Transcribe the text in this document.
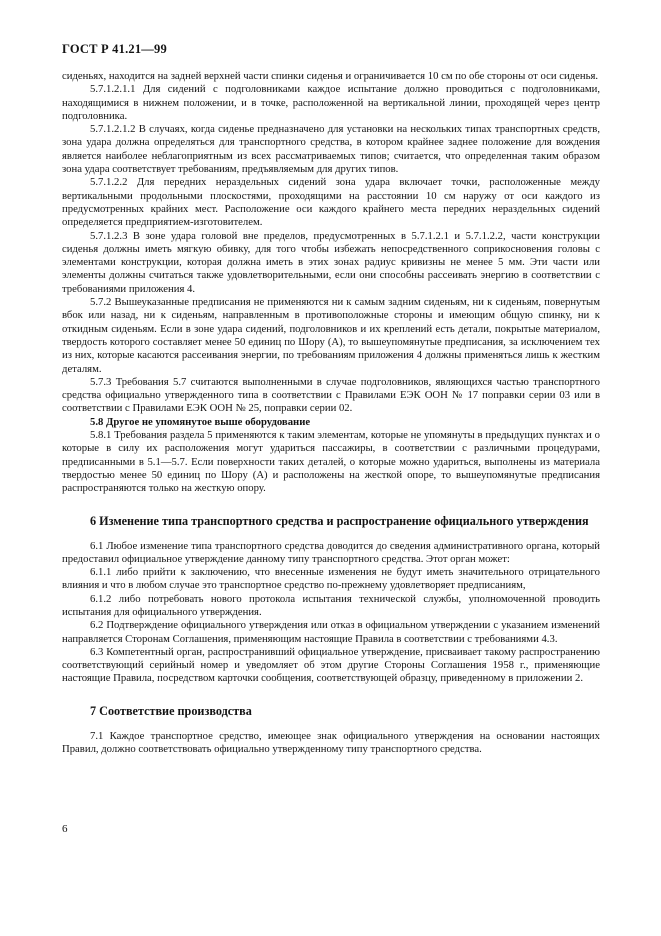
ГОСТ Р 41.21—99

сиденьях, находится на задней верхней части спинки сиденья и ограничивается 10 см по обе стороны от оси сиденья.

5.7.1.2.1.1 Для сидений с подголовниками каждое испытание должно проводиться с подголовниками, находящимися в нижнем положении, и в точке, расположенной на вертикальной линии, проходящей через центр подголовника.

5.7.1.2.1.2 В случаях, когда сиденье предназначено для установки на нескольких типах транспортных средств, зона удара должна определяться для транспортного средства, в котором крайнее заднее положение для вождения является наиболее неблагоприятным из всех рассматриваемых типов; считается, что определенная таким образом зона удара соответствует требованиям, предъявляемым для других типов.

5.7.1.2.2 Для передних нераздельных сидений зона удара включает точки, расположенные между вертикальными продольными плоскостями, проходящими на расстоянии 10 см наружу от оси каждого из предусмотренных крайних мест. Расположение оси каждого крайнего места передних нераздельных сидений определяется предприятием-изготовителем.

5.7.1.2.3 В зоне удара головой вне пределов, предусмотренных в 5.7.1.2.1 и 5.7.1.2.2, части конструкции сиденья должны иметь мягкую обивку, для того чтобы избежать непосредственного соприкосновения головы с элементами конструкции, которая должна иметь в этих зонах радиус кривизны не менее 5 мм. Эти части или элементы должны считаться также удовлетворительными, если они способны рассеивать энергию в соответствии с требованиями приложения 4.

5.7.2 Вышеуказанные предписания не применяются ни к самым задним сиденьям, ни к сиденьям, повернутым вбок или назад, ни к сиденьям, направленным в противоположные стороны и имеющим общую спинку, ни к откидным сиденьям. Если в зоне удара сидений, подголовников и их креплений есть детали, покрытые материалом, твердость которого составляет менее 50 единиц по Шору (А), то вышеупомянутые предписания, за исключением тех из них, которые касаются рассеивания энергии, по требованиям приложения 4 должны применяться лишь к жестким деталям.

5.7.3 Требования 5.7 считаются выполненными в случае подголовников, являющихся частью транспортного средства официально утвержденного типа в соответствии с Правилами ЕЭК ООН № 17 поправки серии 03 или в соответствии с Правилами ЕЭК ООН № 25, поправки серии 02.

5.8 Другое не упомянутое выше оборудование

5.8.1 Требования раздела 5 применяются к таким элементам, которые не упомянуты в предыдущих пунктах и о которые в силу их расположения могут удариться пассажиры, в соответствии с различными процедурами, предписанными в 5.1—5.7. Если поверхности таких деталей, о которые можно удариться, выполнены из материала твердостью менее 50 единиц по Шору (А) и расположены на жесткой опоре, то вышеупомянутые предписания распространяются только на жесткую опору.

6 Изменение типа транспортного средства и распространение официального утверждения

6.1 Любое изменение типа транспортного средства доводится до сведения административного органа, который предоставил официальное утверждение данному типу транспортного средства. Этот орган может:

6.1.1 либо прийти к заключению, что внесенные изменения не будут иметь значительного отрицательного влияния и что в любом случае это транспортное средство по-прежнему удовлетворяет предписаниям,

6.1.2 либо потребовать нового протокола испытания технической службы, уполномоченной проводить испытания для официального утверждения.

6.2 Подтверждение официального утверждения или отказ в официальном утверждении с указанием изменений направляется Сторонам Соглашения, применяющим настоящие Правила в соответствии с требованиями 4.3.

6.3 Компетентный орган, распространивший официальное утверждение, присваивает такому распространению соответствующий серийный номер и уведомляет об этом другие Стороны Соглашения 1958 г., применяющие настоящие Правила, посредством карточки сообщения, соответствующей образцу, приведенному в приложении 2.

7 Соответствие производства

7.1 Каждое транспортное средство, имеющее знак официального утверждения на основании настоящих Правил, должно соответствовать официально утвержденному типу транспортного средства.

6
